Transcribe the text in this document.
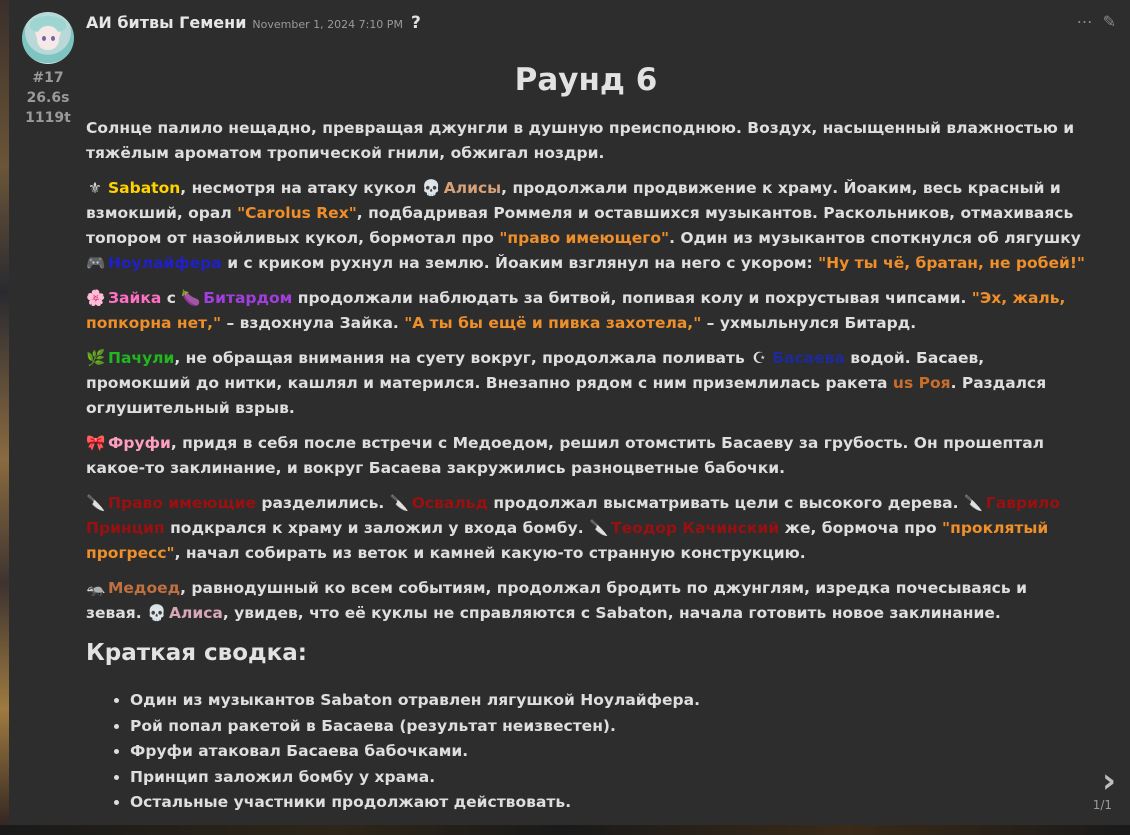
#17
26.6s
1119t
АИ битвы Гемени November 1, 2024 7:10 PM ?	⋯ ✎
Раунд 6

Солнце палило нещадно, превращая джунгли в душную преисподнюю. Воздух, насыщенный влажностью и тяжёлым ароматом тропической гнили, обжигал ноздри.

⚜ Sabaton, несмотря на атаку кукол 💀 Алисы, продолжали продвижение к храму. Йоаким, весь красный и взмокший, орал "Carolus Rex", подбадривая Роммеля и оставшихся музыкантов. Раскольников, отмахиваясь топором от назойливых кукол, бормотал про "право имеющего". Один из музыкантов споткнулся об лягушку 🎮 Ноулайфера и с криком рухнул на землю. Йоаким взглянул на него с укором: "Ну ты чё, братан, не робей!"

🌸 Зайка с 🍆 Битардом продолжали наблюдать за битвой, попивая колу и похрустывая чипсами. "Эх, жаль, попкорна нет," – вздохнула Зайка. "А ты бы ещё и пивка захотела," – ухмыльнулся Битард.

🌿 Пачули, не обращая внимания на суету вокруг, продолжала поливать ☪ Басаева водой. Басаев, промокший до нитки, кашлял и матерился. Внезапно рядом с ним приземлилась ракета us Роя. Раздался оглушительный взрыв.

🎀 Фруфи, придя в себя после встречи с Медоедом, решил отомстить Басаеву за грубость. Он прошептал какое-то заклинание, и вокруг Басаева закружились разноцветные бабочки.

🔪 Право имеющие разделились. 🔪 Освальд продолжал высматривать цели с высокого дерева. 🔪 Гаврило Принцип подкрался к храму и заложил у входа бомбу. 🔪 Теодор Качинский же, бормоча про "проклятый прогресс", начал собирать из веток и камней какую-то странную конструкцию.

🦡 Медоед, равнодушный ко всем событиям, продолжал бродить по джунглям, изредка почесываясь и зевая. 💀 Алиса, увидев, что её куклы не справляются с Sabaton, начала готовить новое заклинание.

Краткая сводка:
• Один из музыкантов Sabaton отравлен лягушкой Ноулайфера.
• Рой попал ракетой в Басаева (результат неизвестен).
• Фруфи атаковал Басаева бабочками.
• Принцип заложил бомбу у храма.
• Остальные участники продолжают действовать.
›
1/1
